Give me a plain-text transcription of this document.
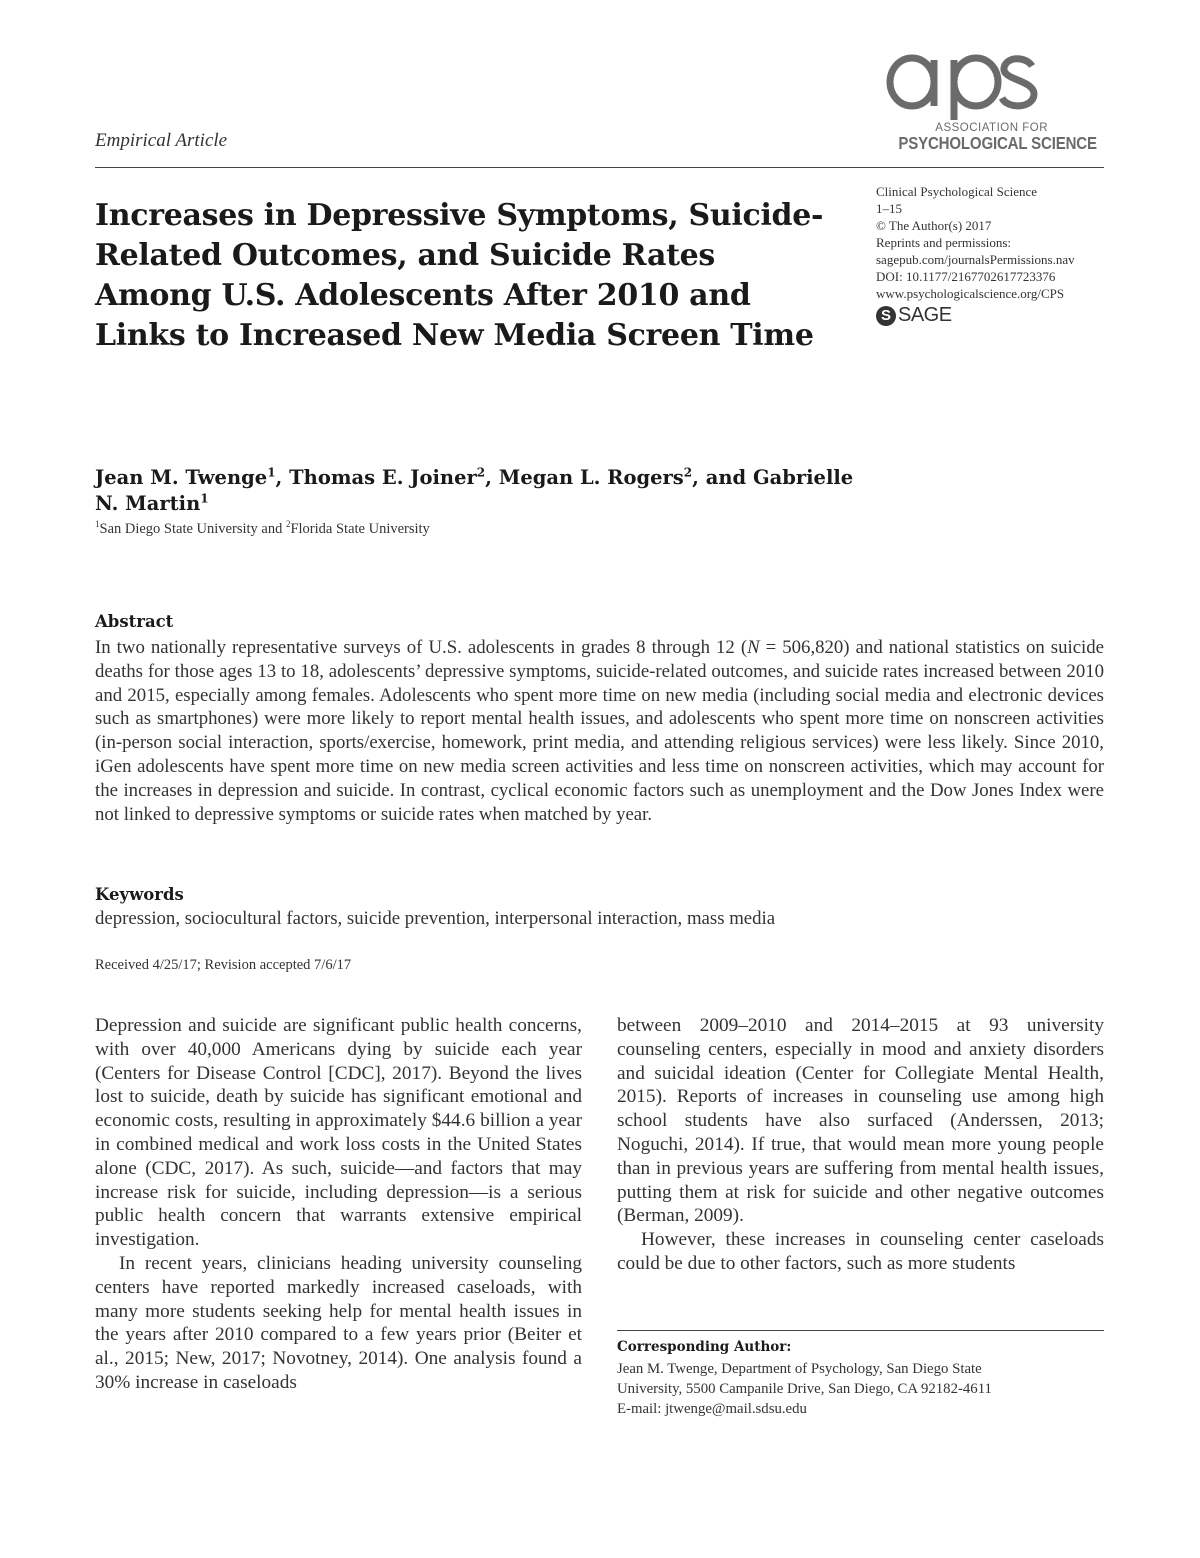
Empirical Article
ASSOCIATION FOR
PSYCHOLOGICAL SCIENCE
Increases in Depressive Symptoms, Suicide-Related Outcomes, and Suicide Rates Among U.S. Adolescents After 2010 and Links to Increased New Media Screen Time
Clinical Psychological Science
1–15
© The Author(s) 2017
Reprints and permissions:
sagepub.com/journalsPermissions.nav
DOI: 10.1177/2167702617723376
www.psychologicalscience.org/CPS
S SAGE
Jean M. Twenge$^1$, Thomas E. Joiner$^2$, Megan L. Rogers$^2$, and Gabrielle N. Martin$^1$
$^1$San Diego State University and $^2$Florida State University
Abstract

In two nationally representative surveys of U.S. adolescents in grades 8 through 12 (N = 506,820) and national statistics on suicide deaths for those ages 13 to 18, adolescents’ depressive symptoms, suicide-related outcomes, and suicide rates increased between 2010 and 2015, especially among females. Adolescents who spent more time on new media (including social media and electronic devices such as smartphones) were more likely to report mental health issues, and adolescents who spent more time on nonscreen activities (in-person social interaction, sports/exercise, homework, print media, and attending religious services) were less likely. Since 2010, iGen adolescents have spent more time on new media screen activities and less time on nonscreen activities, which may account for the increases in depression and suicide. In contrast, cyclical economic factors such as unemployment and the Dow Jones Index were not linked to depressive symptoms or suicide rates when matched by year.

Keywords

depression, sociocultural factors, suicide prevention, interpersonal interaction, mass media

Received 4/25/17; Revision accepted 7/6/17

Depression and suicide are significant public health concerns, with over 40,000 Americans dying by suicide each year (Centers for Disease Control [CDC], 2017). Beyond the lives lost to suicide, death by suicide has significant emotional and economic costs, resulting in approximately $44.6 billion a year in combined medical and work loss costs in the United States alone (CDC, 2017). As such, suicide—and factors that may increase risk for suicide, including depression—is a serious public health concern that warrants extensive empirical investigation.

In recent years, clinicians heading university counseling centers have reported markedly increased caseloads, with many more students seeking help for mental health issues in the years after 2010 compared to a few years prior (Beiter et al., 2015; New, 2017; Novotney, 2014). One analysis found a 30% increase in caseloads

between 2009–2010 and 2014–2015 at 93 university counseling centers, especially in mood and anxiety disorders and suicidal ideation (Center for Collegiate Mental Health, 2015). Reports of increases in counseling use among high school students have also surfaced (Anderssen, 2013; Noguchi, 2014). If true, that would mean more young people than in previous years are suffering from mental health issues, putting them at risk for suicide and other negative outcomes (Berman, 2009).

However, these increases in counseling center caseloads could be due to other factors, such as more students

Corresponding Author:
Jean M. Twenge, Department of Psychology, San Diego State
University, 5500 Campanile Drive, San Diego, CA 92182-4611
E-mail: jtwenge@mail.sdsu.edu
